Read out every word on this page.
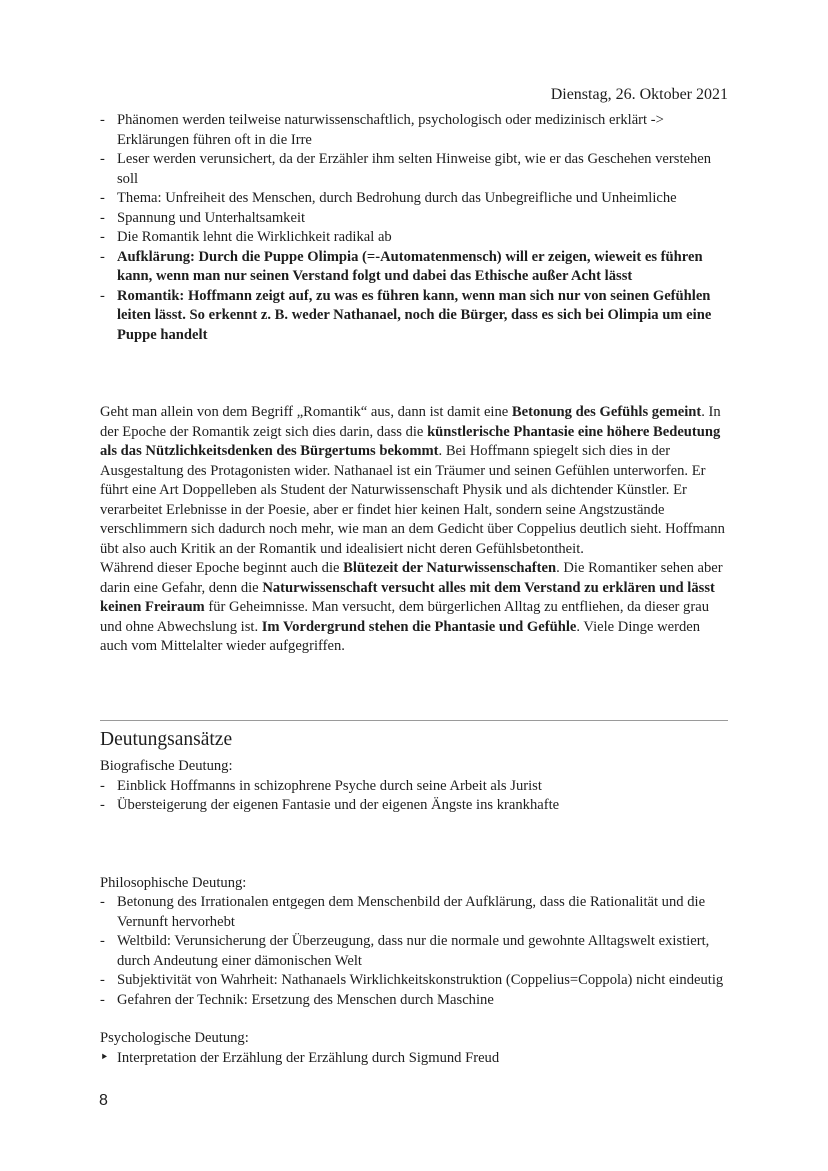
Dienstag, 26. Oktober 2021
- Phänomen werden teilweise naturwissenschaftlich, psychologisch oder medizinisch erklärt -> Erklärungen führen oft in die Irre
- Leser werden verunsichert, da der Erzähler ihm selten Hinweise gibt, wie er das Geschehen verstehen soll
- Thema: Unfreiheit des Menschen, durch Bedrohung durch das Unbegreifliche und Unheimliche
- Spannung und Unterhaltsamkeit
- Die Romantik lehnt die Wirklichkeit radikal ab
- Aufklärung: Durch die Puppe Olimpia (=-Automatenmensch) will er zeigen, wieweit es führen kann, wenn man nur seinen Verstand folgt und dabei das Ethische außer Acht lässt
- Romantik: Hoffmann zeigt auf, zu was es führen kann, wenn man sich nur von seinen Gefühlen leiten lässt. So erkennt z. B. weder Nathanael, noch die Bürger, dass es sich bei Olimpia um eine Puppe handelt

Geht man allein von dem Begriff „Romantik“ aus, dann ist damit eine Betonung des Gefühls gemeint. In der Epoche der Romantik zeigt sich dies darin, dass die künstlerische Phantasie eine höhere Bedeutung als das Nützlichkeitsdenken des Bürgertums bekommt. Bei Hoffmann spiegelt sich dies in der Ausgestaltung des Protagonisten wider. Nathanael ist ein Träumer und seinen Gefühlen unterworfen. Er führt eine Art Doppelleben als Student der Naturwissenschaft Physik und als dichtender Künstler. Er verarbeitet Erlebnisse in der Poesie, aber er findet hier keinen Halt, sondern seine Angstzustände verschlimmern sich dadurch noch mehr, wie man an dem Gedicht über Coppelius deutlich sieht. Hoffmann übt also auch Kritik an der Romantik und idealisiert nicht deren Gefühlsbetontheit.

Während dieser Epoche beginnt auch die Blütezeit der Naturwissenschaften. Die Romantiker sehen aber darin eine Gefahr, denn die Naturwissenschaft versucht alles mit dem Verstand zu erklären und lässt keinen Freiraum für Geheimnisse. Man versucht, dem bürgerlichen Alltag zu entfliehen, da dieser grau und ohne Abwechslung ist. Im Vordergrund stehen die Phantasie und Gefühle. Viele Dinge werden auch vom Mittelalter wieder aufgegriffen.

Deutungsansätze
Biografische Deutung:
- Einblick Hoffmanns in schizophrene Psyche durch seine Arbeit als Jurist
- Übersteigerung der eigenen Fantasie und der eigenen Ängste ins krankhafte
Philosophische Deutung:
- Betonung des Irrationalen entgegen dem Menschenbild der Aufklärung, dass die Rationalität und die Vernunft hervorhebt
- Weltbild: Verunsicherung der Überzeugung, dass nur die normale und gewohnte Alltagswelt existiert, durch Andeutung einer dämonischen Welt
- Subjektivität von Wahrheit: Nathanaels Wirklichkeitskonstruktion (Coppelius=Coppola) nicht eindeutig
- Gefahren der Technik: Ersetzung des Menschen durch Maschine
Psychologische Deutung:
‣ Interpretation der Erzählung der Erzählung durch Sigmund Freud
8
